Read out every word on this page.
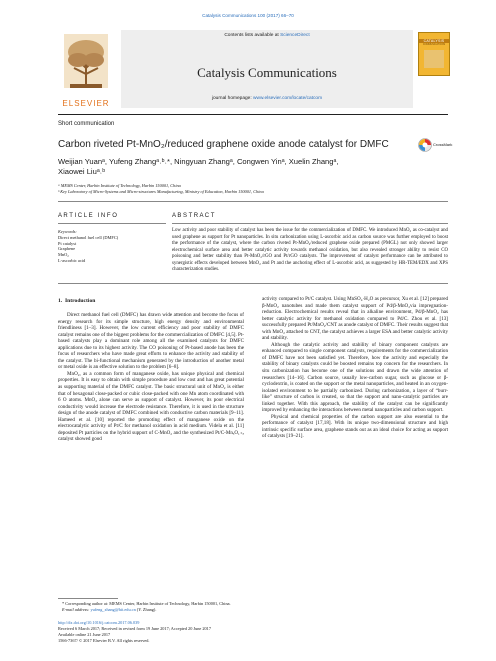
Catalysis Communications 100 (2017) 66–70
ELSEVIER
Contents lists available at ScienceDirect
Catalysis Communications
journal homepage: www.elsevier.com/locate/catcom
CATALYSIS
COMMUNICATIONS
Short communication
Carbon riveted Pt-MnO₂/reduced graphene oxide anode catalyst for DMFC	CrossMark
Weijian Yuanᵃ, Yufeng Zhangᵃ˒ᵇ˒*, Ningyuan Zhangᵃ, Congwen Yinᵃ, Xuelin Zhangᵃ,
Xiaowei Liuᵃ˒ᵇ
ᵃ MEMS Center, Harbin Institute of Technology, Harbin 150001, China
ᵇ Key Laboratory of Micro-Systems and Micro-structures Manufacturing, Ministry of Education, Harbin 150001, China
A R T I C L E   I N F O
Keywords:
Direct methanol fuel cell (DMFC)
Pt catalyst
Graphene
MnO₂
L-ascorbic acid
A B S T R A C T

Low activity and poor stability of catalyst has been the issue for the commercialization of DMFC. We introduced MnO₂ as co-catalyst and used graphene as support for Pt nanoparticles. In situ carbonization using L-ascorbic acid as carbon source was further employed to boost the performance of the catalyst, where the carbon riveted Pt-MnO₂/reduced graphene oxide prepared (PMGL) not only showed larger electrochemical surface area and better catalytic activity towards methanol oxidation, but also revealed stronger ability to resist CO poisoning and better stability than Pt-MnO₂/rGO and Pt/rGO catalysts. The improvement of catalyst performance can be attributed to synergistic effects developed between MnO₂ and Pt and the anchoring effect of L-ascorbic acid, as suggested by HR-TEM/EDX and XPS characterization studies.

1.  Introduction

Direct methanol fuel cell (DMFC) has drawn wide attention and become the focus of energy research for its simple structure, high energy density and environmental friendliness [1–3]. However, the low current efficiency and poor stability of DMFC catalyst remains one of the biggest problems for the commercialization of DMFC [4,5]. Pt-based catalysts play a dominant role among all the examined catalysts for DMFC applications due to its highest activity. The CO poisoning of Pt-based anode has been the focus of researchers who have made great efforts to enhance the activity and stability of the catalyst. The bi-functional mechanism generated by the introduction of another metal or metal oxide is an effective solution to the problem [6–8].

MnO₂, as a common form of manganese oxide, has unique physical and chemical properties. It is easy to obtain with simple procedure and low cost and has great potential as supporting material of the DMFC catalyst. The basic structural unit of MnO₂ is either that of hexagonal close-packed or cubic close-packed with one Mn atom coordinated with 6 O atoms. MnO₂ alone can serve as support of catalyst. However, its poor electrical conductivity would increase the electrode resistance. Therefore, it is used in the structure design of the anode catalyst of DMFC combined with conductive carbon materials [9–11]. Hameed et al. [10] reported the promoting effect of manganese oxide on the electrocatalytic activity of Pt/C for methanol oxidation in acid medium. Videla et al. [11] deposited Pt particles on the hybrid support of C-MnO₂ and the synthesized Pt/C-MnₓO₁₊ₓ catalyst showed good

activity compared to Pt/C catalyst. Using MnSO₄·H₂O as precursor, Xu et al. [12] prepared β-MnO₂ nanotubes and made them catalyst support of Pd/β-MnO₂via impregnation-reduction. Electrochemical results reveal that in alkaline environment, Pd/β-MnO₂ has better catalytic activity for methanol oxidation compared to Pd/C. Zhou et al. [13] successfully prepared Pt/MnO₂/CNT as anode catalyst of DMFC. Their results suggest that with MnO₂ attached to CNT, the catalyst achieves a larger ESA and better catalytic activity and stability.

Although the catalytic activity and stability of binary component catalysts are enhanced compared to single component catalysts, requirements for the commercialization of DMFC have not been satisfied yet. Therefore, how the activity and especially the stability of binary catalysts could be boosted remains top concern for the researchers. In situ carbonization has become one of the solutions and drawn the wide attention of researchers [14–16]. Carbon source, usually low-carbon sugar, such as glucose or β-cyclodextrin, is coated on the support or the metal nanoparticles, and heated in an oxygen-isolated environment to be partially carbonized. During carbonization, a layer of “burr-like” structure of carbon is created, so that the support and nano-catalytic particles are linked together. With this approach, the stability of the catalyst can be significantly improved by enhancing the interactions between metal nanoparticles and carbon support.

Physical and chemical properties of the carbon support are also essential to the performance of catalyst [17,18]. With its unique two-dimensional structure and high intrinsic specific surface area, graphene stands out as an ideal choice for acting as support of catalysts [19–21].

* Corresponding author at: MEMS Center, Harbin Institute of Technology, Harbin 150001, China.
E-mail address: yufeng_zhang@hit.edu.cn (Y. Zhang).
http://dx.doi.org/10.1016/j.catcom.2017.06.039
Received 6 March 2017; Received in revised form 19 June 2017; Accepted 20 June 2017
Available online 21 June 2017
1566-7367/ © 2017 Elsevier B.V. All rights reserved.
